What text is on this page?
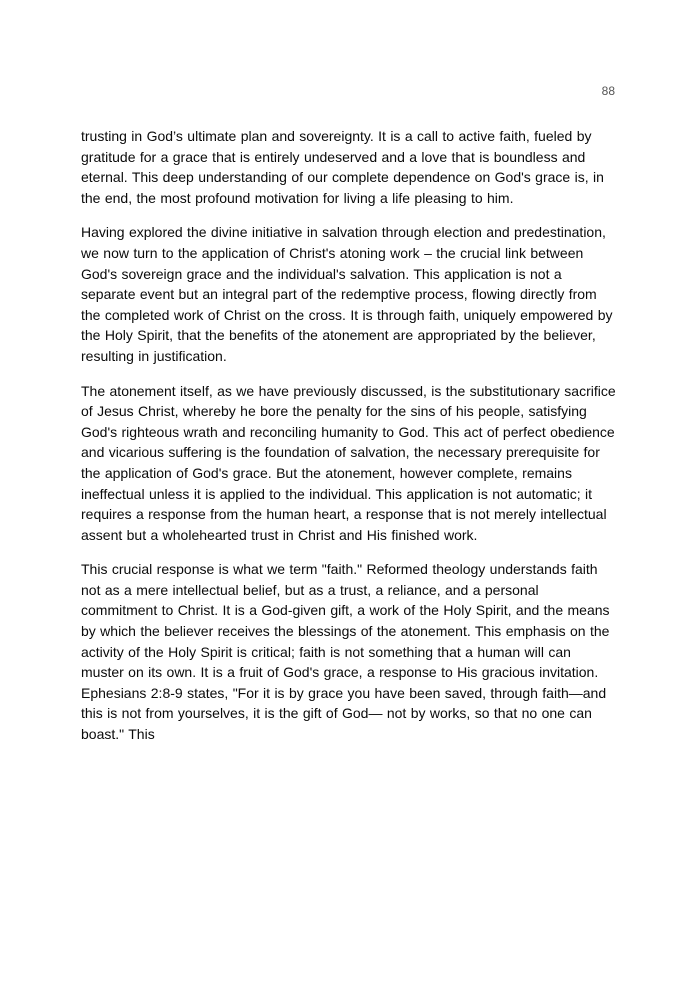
88

trusting in God’s ultimate plan and sovereignty. It is a call to active faith, fueled by gratitude for a grace that is entirely undeserved and a love that is boundless and eternal. This deep understanding of our complete dependence on God's grace is, in the end, the most profound motivation for living a life pleasing to him.

Having explored the divine initiative in salvation through election and predestination, we now turn to the application of Christ's atoning work – the crucial link between God's sovereign grace and the individual's salvation. This application is not a separate event but an integral part of the redemptive process, flowing directly from the completed work of Christ on the cross. It is through faith, uniquely empowered by the Holy Spirit, that the benefits of the atonement are appropriated by the believer, resulting in justification.

The atonement itself, as we have previously discussed, is the substitutionary sacrifice of Jesus Christ, whereby he bore the penalty for the sins of his people, satisfying God's righteous wrath and reconciling humanity to God. This act of perfect obedience and vicarious suffering is the foundation of salvation, the necessary prerequisite for the application of God's grace. But the atonement, however complete, remains ineffectual unless it is applied to the individual. This application is not automatic; it requires a response from the human heart, a response that is not merely intellectual assent but a wholehearted trust in Christ and His finished work.

This crucial response is what we term "faith." Reformed theology understands faith not as a mere intellectual belief, but as a trust, a reliance, and a personal commitment to Christ. It is a God-given gift, a work of the Holy Spirit, and the means by which the believer receives the blessings of the atonement. This emphasis on the activity of the Holy Spirit is critical; faith is not something that a human will can muster on its own. It is a fruit of God's grace, a response to His gracious invitation. Ephesians 2:8-9 states, "For it is by grace you have been saved, through faith—and this is not from yourselves, it is the gift of God— not by works, so that no one can boast." This
